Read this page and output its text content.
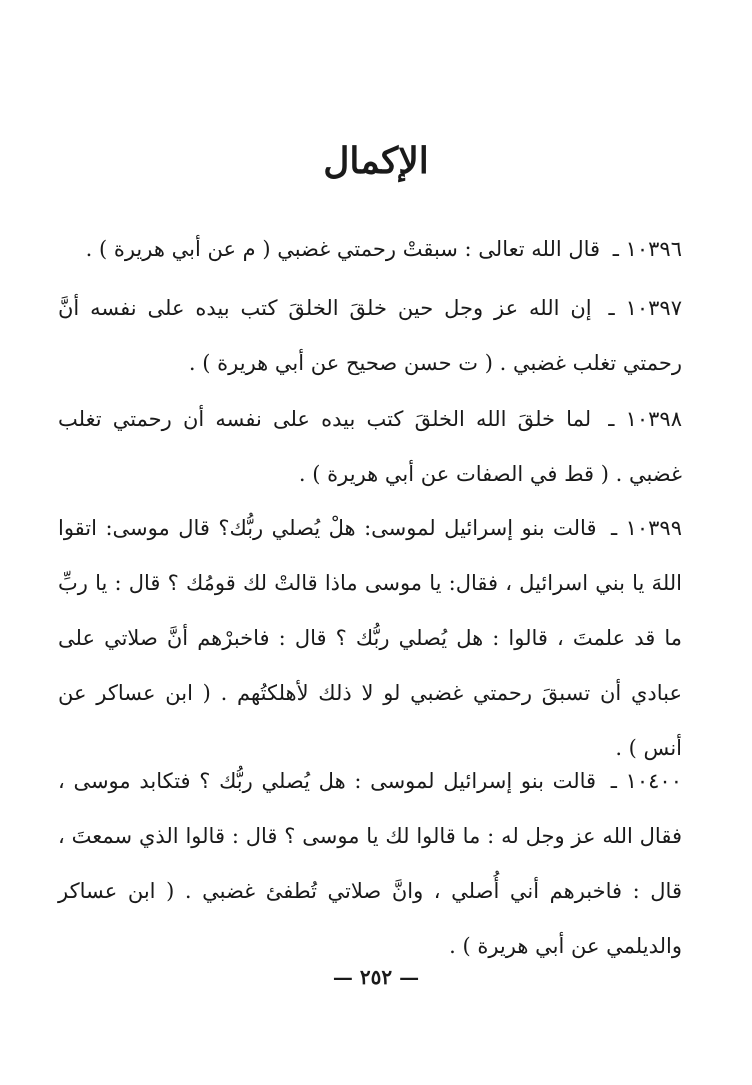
الإكمال

١٠٣٩٦ ـ قال الله تعالى : سبقتْ رحمتي غضبي ( م عن أبي هريرة ) .

١٠٣٩٧ ـ إن الله عز وجل حين خلقَ الخلقَ كتب بيده على نفسه أنَّ رحمتي تغلب غضبي . ( ت حسن صحيح عن أبي هريرة ) .

١٠٣٩٨ ـ لما خلقَ الله الخلقَ كتب بيده على نفسه أن رحمتي تغلب غضبي . ( قط في الصفات عن أبي هريرة ) .

١٠٣٩٩ ـ قالت بنو إسرائيل لموسى: هلْ يُصلي ربُّك؟ قال موسى: اتقوا اللهَ يا بني اسرائيل ، فقال: يا موسى ماذا قالتْ لك قومُك ؟ قال : يا ربِّ ما قد علمتَ ، قالوا : هل يُصلي ربُّك ؟ قال : فاخبرْهم أنَّ صلاتي على عبادي أن تسبقَ رحمتي غضبي لو لا ذلك لأهلكتُهم . ( ابن عساكر عن أنس ) .

١٠٤٠٠ ـ قالت بنو إسرائيل لموسى : هل يُصلي ربُّك ؟ فتكابد موسى ، فقال الله عز وجل له : ما قالوا لك يا موسى ؟ قال : قالوا الذي سمعتَ ، قال : فاخبرهم أني أُصلي ، وانَّ صلاتي تُطفئ غضبي . ( ابن عساكر والديلمي عن أبي هريرة ) .

— ٢٥٢ —
